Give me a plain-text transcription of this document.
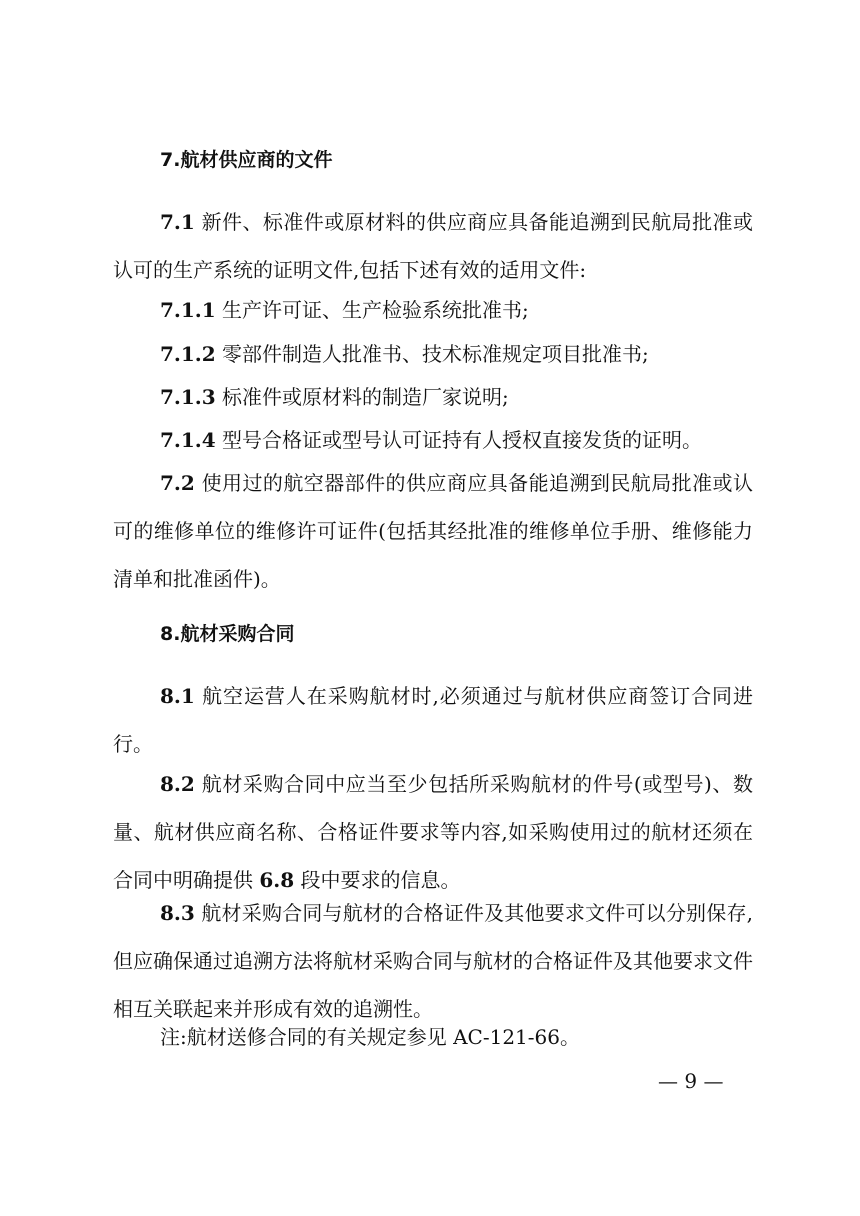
7.航材供应商的文件

7.1 新件、标准件或原材料的供应商应具备能追溯到民航局批准或认可的生产系统的证明文件,包括下述有效的适用文件:

7.1.1 生产许可证、生产检验系统批准书;

7.1.2 零部件制造人批准书、技术标准规定项目批准书;

7.1.3 标准件或原材料的制造厂家说明;

7.1.4 型号合格证或型号认可证持有人授权直接发货的证明。

7.2 使用过的航空器部件的供应商应具备能追溯到民航局批准或认可的维修单位的维修许可证件(包括其经批准的维修单位手册、维修能力清单和批准函件)。

8.航材采购合同

8.1 航空运营人在采购航材时,必须通过与航材供应商签订合同进行。

8.2 航材采购合同中应当至少包括所采购航材的件号(或型号)、数量、航材供应商名称、合格证件要求等内容,如采购使用过的航材还须在合同中明确提供 6.8 段中要求的信息。

8.3 航材采购合同与航材的合格证件及其他要求文件可以分别保存,但应确保通过追溯方法将航材采购合同与航材的合格证件及其他要求文件相互关联起来并形成有效的追溯性。

注:航材送修合同的有关规定参见 AC-121-66。

— 9 —
